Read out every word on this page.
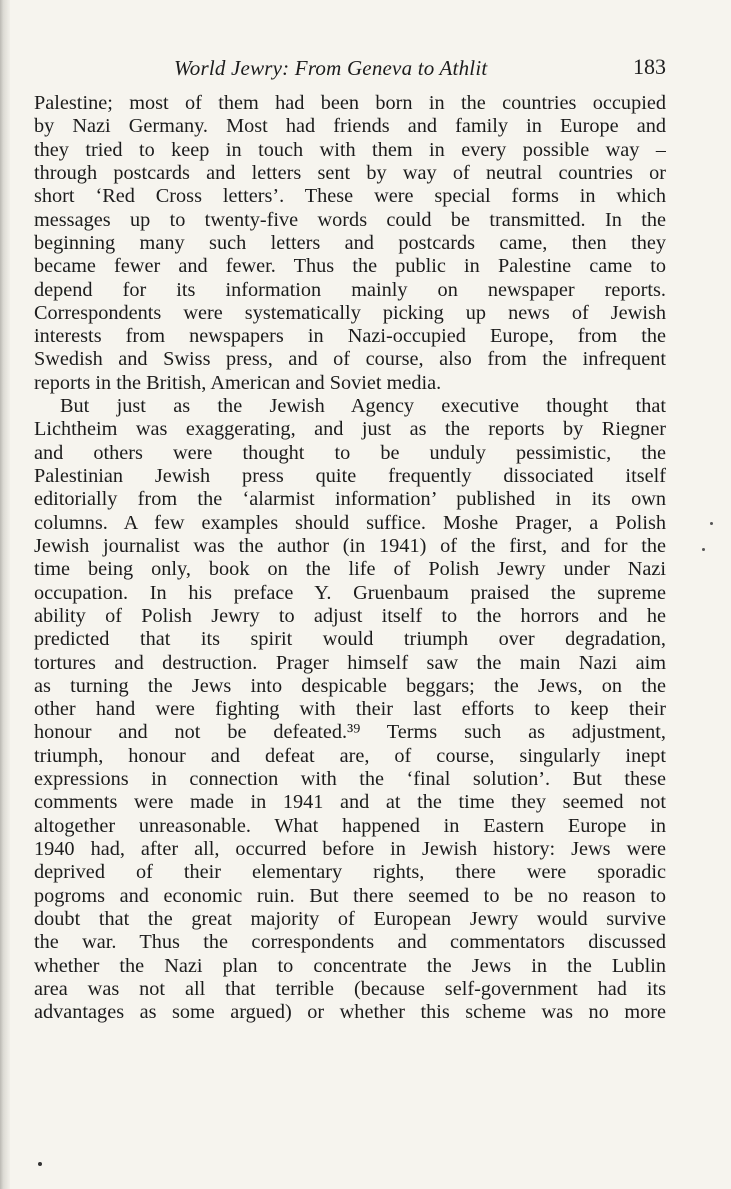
World Jewry: From Geneva to Athlit	183
Palestine; most of them had been born in the countries occupied
by Nazi Germany. Most had friends and family in Europe and
they tried to keep in touch with them in every possible way –
through postcards and letters sent by way of neutral countries or
short ‘Red Cross letters’. These were special forms in which
messages up to twenty-five words could be transmitted. In the
beginning many such letters and postcards came, then they
became fewer and fewer. Thus the public in Palestine came to
depend for its information mainly on newspaper reports.
Correspondents were systematically picking up news of Jewish
interests from newspapers in Nazi-occupied Europe, from the
Swedish and Swiss press, and of course, also from the infrequent
reports in the British, American and Soviet media.
But just as the Jewish Agency executive thought that
Lichtheim was exaggerating, and just as the reports by Riegner
and others were thought to be unduly pessimistic, the
Palestinian Jewish press quite frequently dissociated itself
editorially from the ‘alarmist information’ published in its own
columns. A few examples should suffice. Moshe Prager, a Polish
Jewish journalist was the author (in 1941) of the first, and for the
time being only, book on the life of Polish Jewry under Nazi
occupation. In his preface Y. Gruenbaum praised the supreme
ability of Polish Jewry to adjust itself to the horrors and he
predicted that its spirit would triumph over degradation,
tortures and destruction. Prager himself saw the main Nazi aim
as turning the Jews into despicable beggars; the Jews, on the
other hand were fighting with their last efforts to keep their
honour and not be defeated.³⁹ Terms such as adjustment,
triumph, honour and defeat are, of course, singularly inept
expressions in connection with the ‘final solution’. But these
comments were made in 1941 and at the time they seemed not
altogether unreasonable. What happened in Eastern Europe in
1940 had, after all, occurred before in Jewish history: Jews were
deprived of their elementary rights, there were sporadic
pogroms and economic ruin. But there seemed to be no reason to
doubt that the great majority of European Jewry would survive
the war. Thus the correspondents and commentators discussed
whether the Nazi plan to concentrate the Jews in the Lublin
area was not all that terrible (because self-government had its
advantages as some argued) or whether this scheme was no more
